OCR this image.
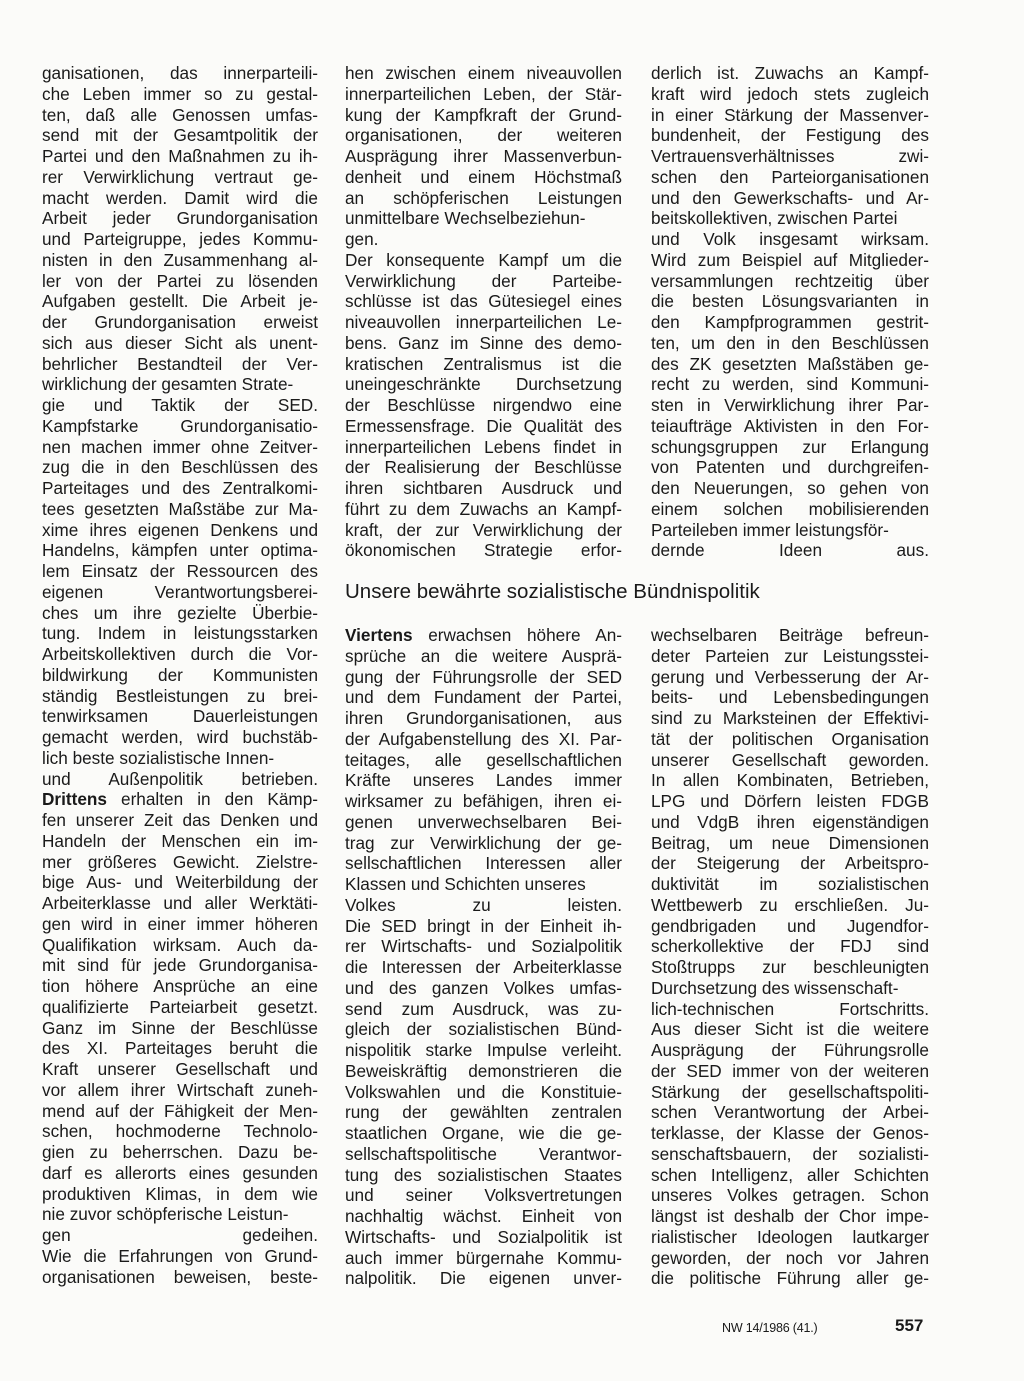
ganisationen, das innerparteili-

che Leben immer so zu gestal-

ten, daß alle Genossen umfas-

send mit der Gesamtpolitik der

Partei und den Maßnahmen zu ih-

rer Verwirklichung vertraut ge-

macht werden. Damit wird die

Arbeit jeder Grundorganisation

und Parteigruppe, jedes Kommu-

nisten in den Zusammenhang al-

ler von der Partei zu lösenden

Aufgaben gestellt. Die Arbeit je-

der Grundorganisation erweist

sich aus dieser Sicht als unent-

behrlicher Bestandteil der Ver-

wirklichung der gesamten Strate-

gie und Taktik der SED.

Kampfstarke Grundorganisatio-

nen machen immer ohne Zeitver-

zug die in den Beschlüssen des

Parteitages und des Zentralkomi-

tees gesetzten Maßstäbe zur Ma-

xime ihres eigenen Denkens und

Handelns, kämpfen unter optima-

lem Einsatz der Ressourcen des

eigenen Verantwortungsberei-

ches um ihre gezielte Überbie-

tung. Indem in leistungsstarken

Arbeitskollektiven durch die Vor-

bildwirkung der Kommunisten

ständig Bestleistungen zu brei-

tenwirksamen Dauerleistungen

gemacht werden, wird buchstäb-

lich beste sozialistische Innen-

und Außenpolitik betrieben.

Drittens erhalten in den Kämp-

fen unserer Zeit das Denken und

Handeln der Menschen ein im-

mer größeres Gewicht. Zielstre-

bige Aus- und Weiterbildung der

Arbeiterklasse und aller Werktäti-

gen wird in einer immer höheren

Qualifikation wirksam. Auch da-

mit sind für jede Grundorganisa-

tion höhere Ansprüche an eine

qualifizierte Parteiarbeit gesetzt.

Ganz im Sinne der Beschlüsse

des XI. Parteitages beruht die

Kraft unserer Gesellschaft und

vor allem ihrer Wirtschaft zuneh-

mend auf der Fähigkeit der Men-

schen, hochmoderne Technolo-

gien zu beherrschen. Dazu be-

darf es allerorts eines gesunden

produktiven Klimas, in dem wie

nie zuvor schöpferische Leistun-

gen gedeihen.

Wie die Erfahrungen von Grund-

organisationen beweisen, beste-

hen zwischen einem niveauvollen

innerparteilichen Leben, der Stär-

kung der Kampfkraft der Grund-

organisationen, der weiteren

Ausprägung ihrer Massenverbun-

denheit und einem Höchstmaß

an schöpferischen Leistungen

unmittelbare Wechselbeziehun-

gen.

Der konsequente Kampf um die

Verwirklichung der Parteibe-

schlüsse ist das Gütesiegel eines

niveauvollen innerparteilichen Le-

bens. Ganz im Sinne des demo-

kratischen Zentralismus ist die

uneingeschränkte Durchsetzung

der Beschlüsse nirgendwo eine

Ermessensfrage. Die Qualität des

innerparteilichen Lebens findet in

der Realisierung der Beschlüsse

ihren sichtbaren Ausdruck und

führt zu dem Zuwachs an Kampf-

kraft, der zur Verwirklichung der

ökonomischen Strategie erfor-

derlich ist. Zuwachs an Kampf-

kraft wird jedoch stets zugleich

in einer Stärkung der Massenver-

bundenheit, der Festigung des

Vertrauensverhältnisses zwi-

schen den Parteiorganisationen

und den Gewerkschafts- und Ar-

beitskollektiven, zwischen Partei

und Volk insgesamt wirksam.

Wird zum Beispiel auf Mitglieder-

versammlungen rechtzeitig über

die besten Lösungsvarianten in

den Kampfprogrammen gestrit-

ten, um den in den Beschlüssen

des ZK gesetzten Maßstäben ge-

recht zu werden, sind Kommuni-

sten in Verwirklichung ihrer Par-

teiaufträge Aktivisten in den For-

schungsgruppen zur Erlangung

von Patenten und durchgreifen-

den Neuerungen, so gehen von

einem solchen mobilisierenden

Parteileben immer leistungsför-

dernde Ideen aus.

Unsere bewährte sozialistische Bündnispolitik

Viertens erwachsen höhere An-

sprüche an die weitere Ausprä-

gung der Führungsrolle der SED

und dem Fundament der Partei,

ihren Grundorganisationen, aus

der Aufgabenstellung des XI. Par-

teitages, alle gesellschaftlichen

Kräfte unseres Landes immer

wirksamer zu befähigen, ihren ei-

genen unverwechselbaren Bei-

trag zur Verwirklichung der ge-

sellschaftlichen Interessen aller

Klassen und Schichten unseres

Volkes zu leisten.

Die SED bringt in der Einheit ih-

rer Wirtschafts- und Sozialpolitik

die Interessen der Arbeiterklasse

und des ganzen Volkes umfas-

send zum Ausdruck, was zu-

gleich der sozialistischen Bünd-

nispolitik starke Impulse verleiht.

Beweiskräftig demonstrieren die

Volkswahlen und die Konstituie-

rung der gewählten zentralen

staatlichen Organe, wie die ge-

sellschaftspolitische Verantwor-

tung des sozialistischen Staates

und seiner Volksvertretungen

nachhaltig wächst. Einheit von

Wirtschafts- und Sozialpolitik ist

auch immer bürgernahe Kommu-

nalpolitik. Die eigenen unver-

wechselbaren Beiträge befreun-

deter Parteien zur Leistungsstei-

gerung und Verbesserung der Ar-

beits- und Lebensbedingungen

sind zu Marksteinen der Effektivi-

tät der politischen Organisation

unserer Gesellschaft geworden.

In allen Kombinaten, Betrieben,

LPG und Dörfern leisten FDGB

und VdgB ihren eigenständigen

Beitrag, um neue Dimensionen

der Steigerung der Arbeitspro-

duktivität im sozialistischen

Wettbewerb zu erschließen. Ju-

gendbrigaden und Jugendfor-

scherkollektive der FDJ sind

Stoßtrupps zur beschleunigten

Durchsetzung des wissenschaft-

lich-technischen Fortschritts.

Aus dieser Sicht ist die weitere

Ausprägung der Führungsrolle

der SED immer von der weiteren

Stärkung der gesellschaftspoliti-

schen Verantwortung der Arbei-

terklasse, der Klasse der Genos-

senschaftsbauern, der sozialisti-

schen Intelligenz, aller Schichten

unseres Volkes getragen. Schon

längst ist deshalb der Chor impe-

rialistischer Ideologen lautkarger

geworden, der noch vor Jahren

die politische Führung aller ge-

NW 14/1986 (41.)	557
